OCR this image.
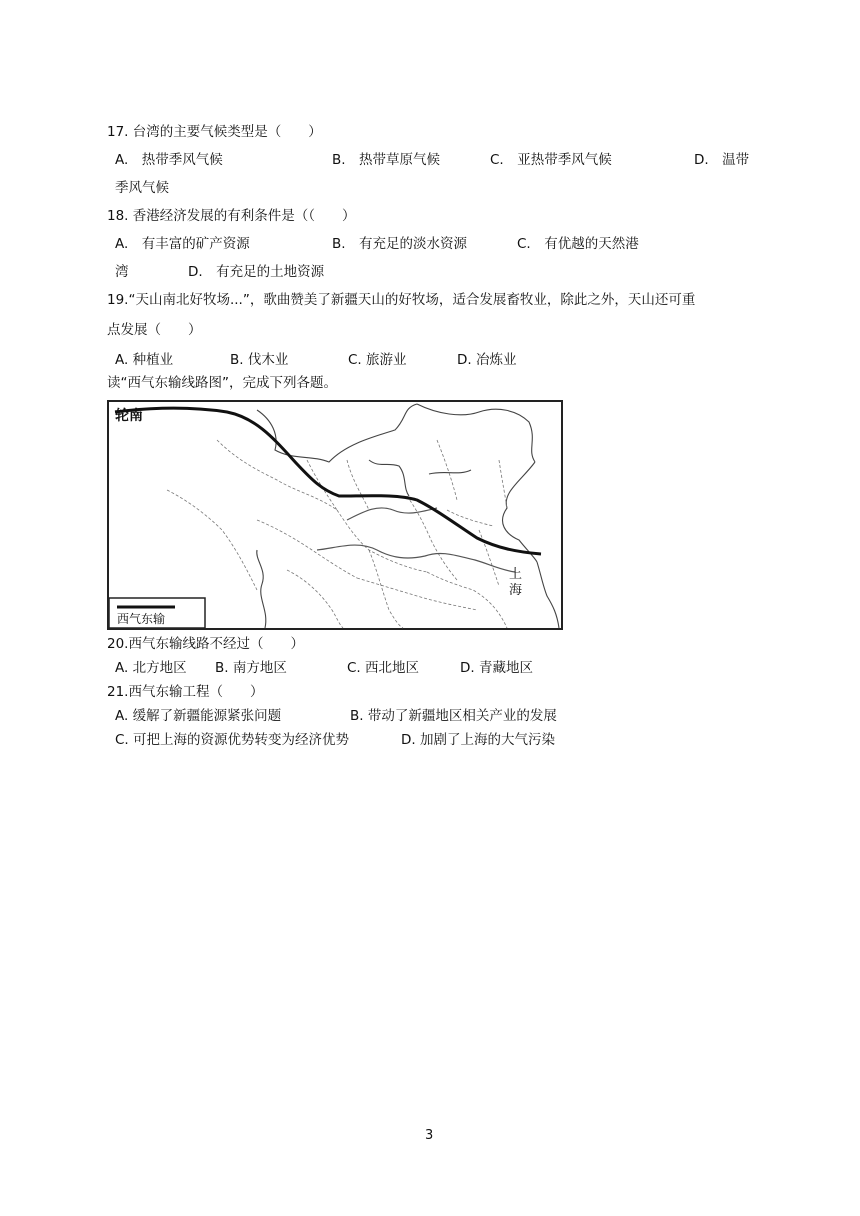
17. 台湾的主要气候类型是（　　）
A.　热带季风气候	B.　热带草原气候	C.　亚热带季风气候	D.　温带
季风气候
18. 香港经济发展的有利条件是（（　　）
A.　有丰富的矿产资源	B.　有充足的淡水资源	C.　有优越的天然港
湾	D.　有充足的土地资源
19.“天山南北好牧场...”，歌曲赞美了新疆天山的好牧场，适合发展畜牧业，除此之外，天山还可重
点发展（　　）
A. 种植业	B. 伐木业	C. 旅游业	D. 冶炼业
读“西气东输线路图”，完成下列各题。
轮南
上
海
西气东输
20.西气东输线路不经过（　　）
A. 北方地区 B. 南方地区	C. 西北地区	D. 青藏地区
21.西气东输工程（　　）
A. 缓解了新疆能源紧张问题	B. 带动了新疆地区相关产业的发展
C. 可把上海的资源优势转变为经济优势	D. 加剧了上海的大气污染
3
